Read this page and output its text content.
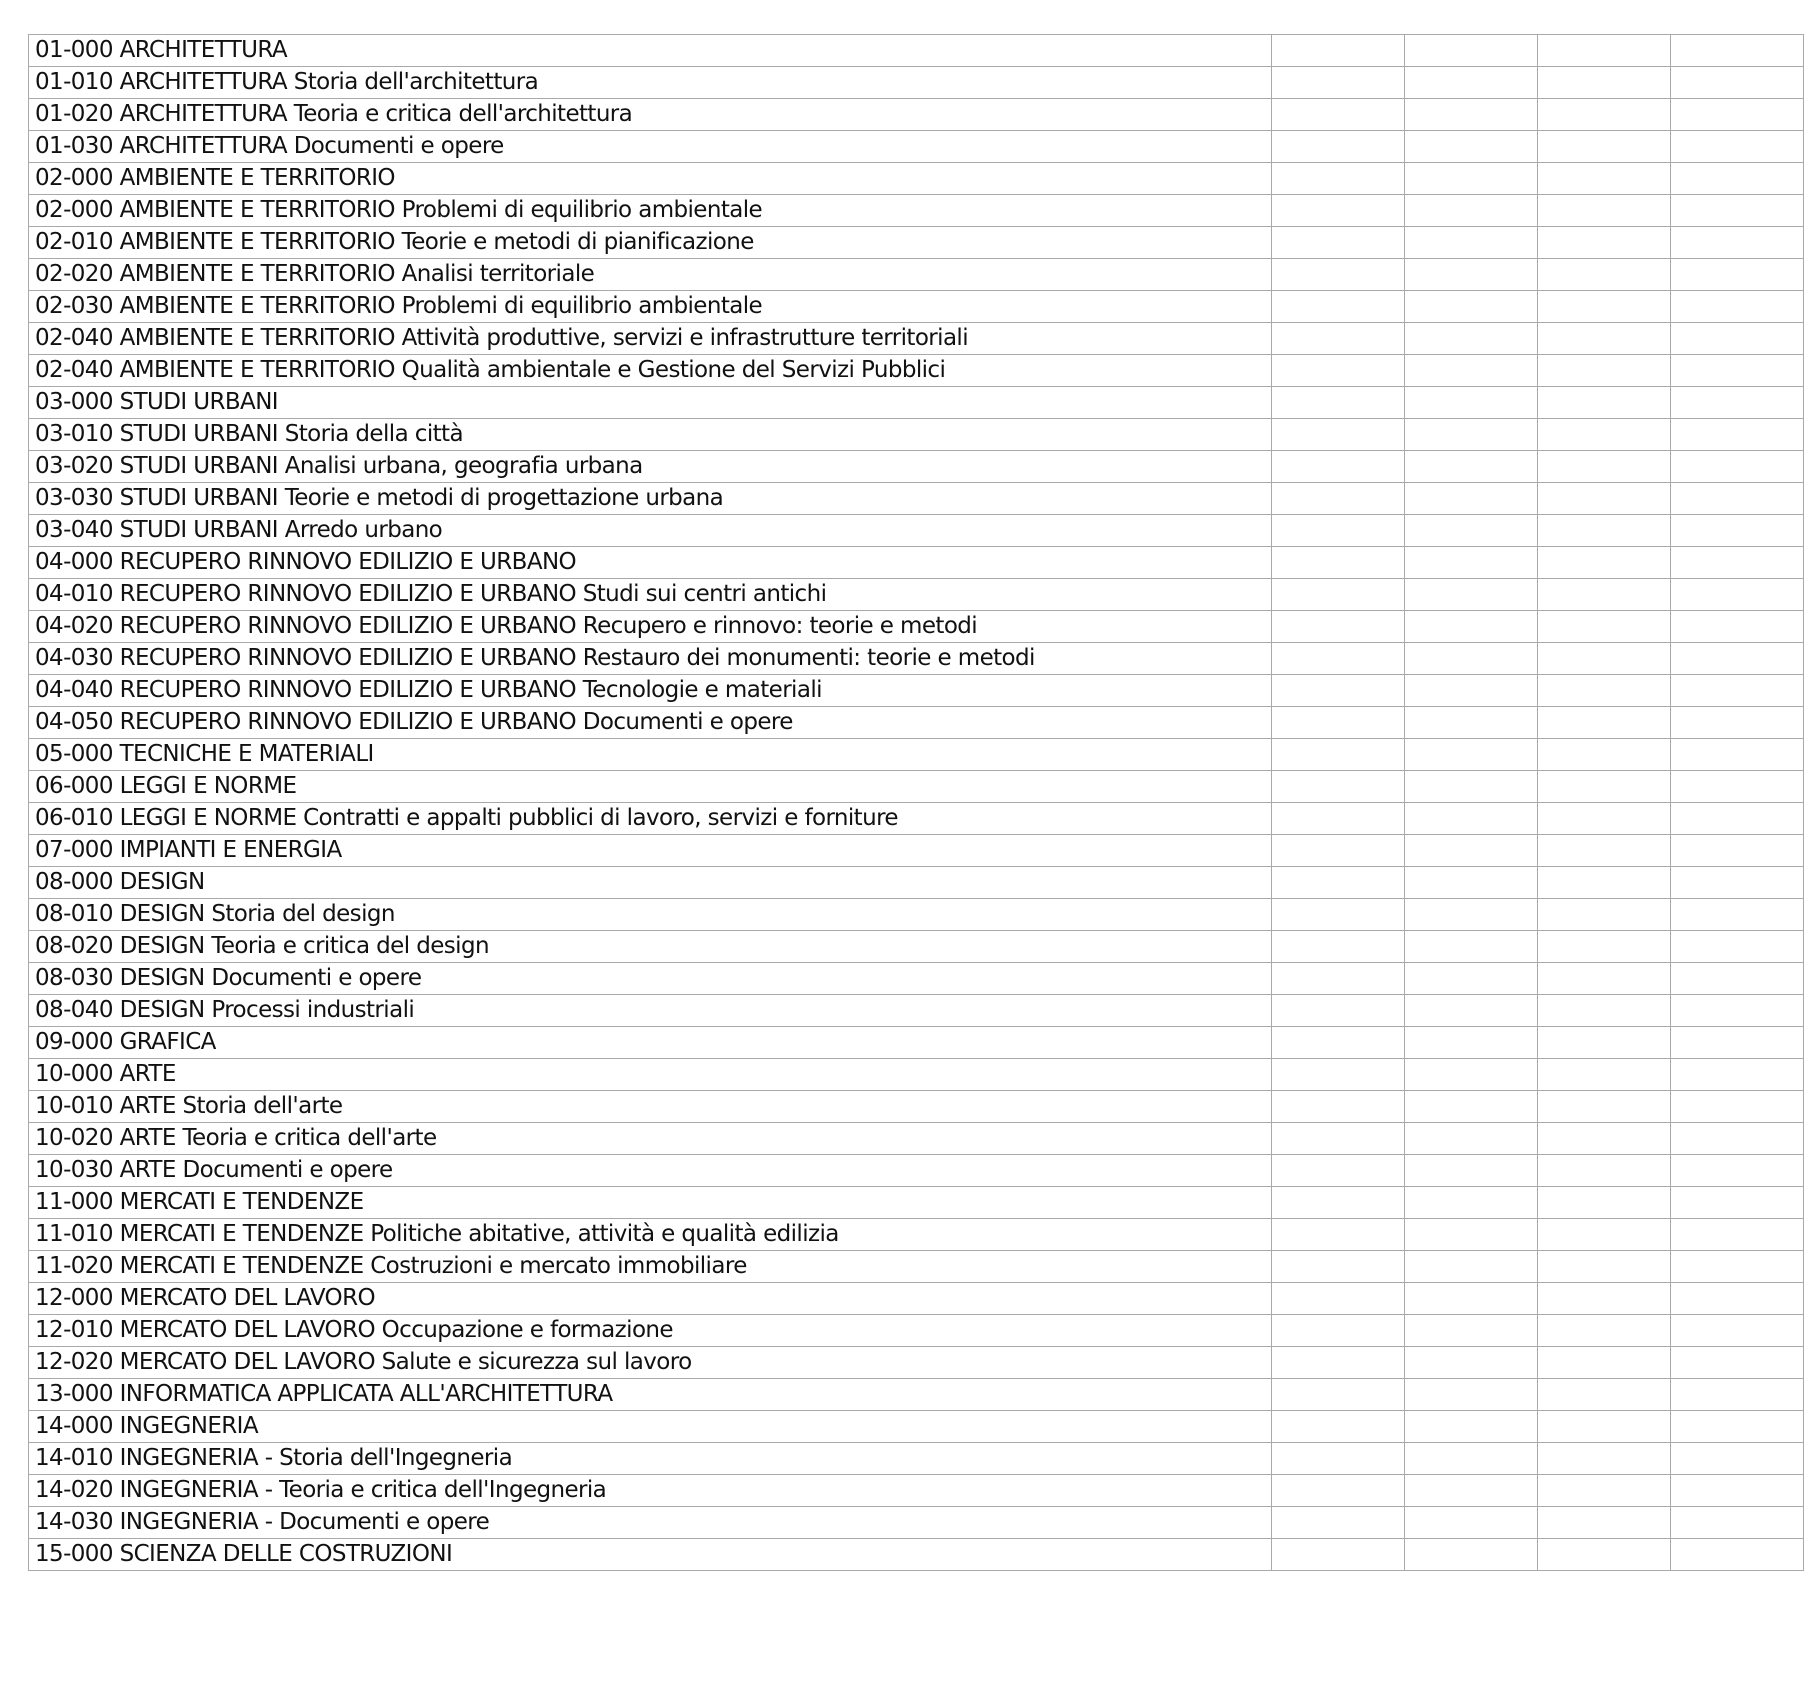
01-000 ARCHITETTURA				
01-010 ARCHITETTURA Storia dell'architettura				
01-020 ARCHITETTURA Teoria e critica dell'architettura				
01-030 ARCHITETTURA Documenti e opere				
02-000 AMBIENTE E TERRITORIO				
02-000 AMBIENTE E TERRITORIO Problemi di equilibrio ambientale				
02-010 AMBIENTE E TERRITORIO Teorie e metodi di pianificazione				
02-020 AMBIENTE E TERRITORIO Analisi territoriale				
02-030 AMBIENTE E TERRITORIO Problemi di equilibrio ambientale				
02-040 AMBIENTE E TERRITORIO Attività produttive, servizi e infrastrutture territoriali				
02-040 AMBIENTE E TERRITORIO Qualità ambientale e Gestione del Servizi Pubblici				
03-000 STUDI URBANI				
03-010 STUDI URBANI Storia della città				
03-020 STUDI URBANI Analisi urbana, geografia urbana				
03-030 STUDI URBANI Teorie e metodi di progettazione urbana				
03-040 STUDI URBANI Arredo urbano				
04-000 RECUPERO RINNOVO EDILIZIO E URBANO				
04-010 RECUPERO RINNOVO EDILIZIO E URBANO Studi sui centri antichi				
04-020 RECUPERO RINNOVO EDILIZIO E URBANO Recupero e rinnovo: teorie e metodi				
04-030 RECUPERO RINNOVO EDILIZIO E URBANO Restauro dei monumenti: teorie e metodi				
04-040 RECUPERO RINNOVO EDILIZIO E URBANO Tecnologie e materiali				
04-050 RECUPERO RINNOVO EDILIZIO E URBANO Documenti e opere				
05-000 TECNICHE E MATERIALI				
06-000 LEGGI E NORME				
06-010 LEGGI E NORME Contratti e appalti pubblici di lavoro, servizi e forniture				
07-000 IMPIANTI E ENERGIA				
08-000 DESIGN				
08-010 DESIGN Storia del design				
08-020 DESIGN Teoria e critica del design				
08-030 DESIGN Documenti e opere				
08-040 DESIGN Processi industriali				
09-000 GRAFICA				
10-000 ARTE				
10-010 ARTE Storia dell'arte				
10-020 ARTE Teoria e critica dell'arte				
10-030 ARTE Documenti e opere				
11-000 MERCATI E TENDENZE				
11-010 MERCATI E TENDENZE Politiche abitative, attività e qualità edilizia				
11-020 MERCATI E TENDENZE Costruzioni e mercato immobiliare				
12-000 MERCATO DEL LAVORO				
12-010 MERCATO DEL LAVORO Occupazione e formazione				
12-020 MERCATO DEL LAVORO Salute e sicurezza sul lavoro				
13-000 INFORMATICA APPLICATA ALL'ARCHITETTURA				
14-000 INGEGNERIA				
14-010 INGEGNERIA - Storia dell'Ingegneria				
14-020 INGEGNERIA - Teoria e critica dell'Ingegneria				
14-030 INGEGNERIA - Documenti e opere				
15-000 SCIENZA DELLE COSTRUZIONI				
